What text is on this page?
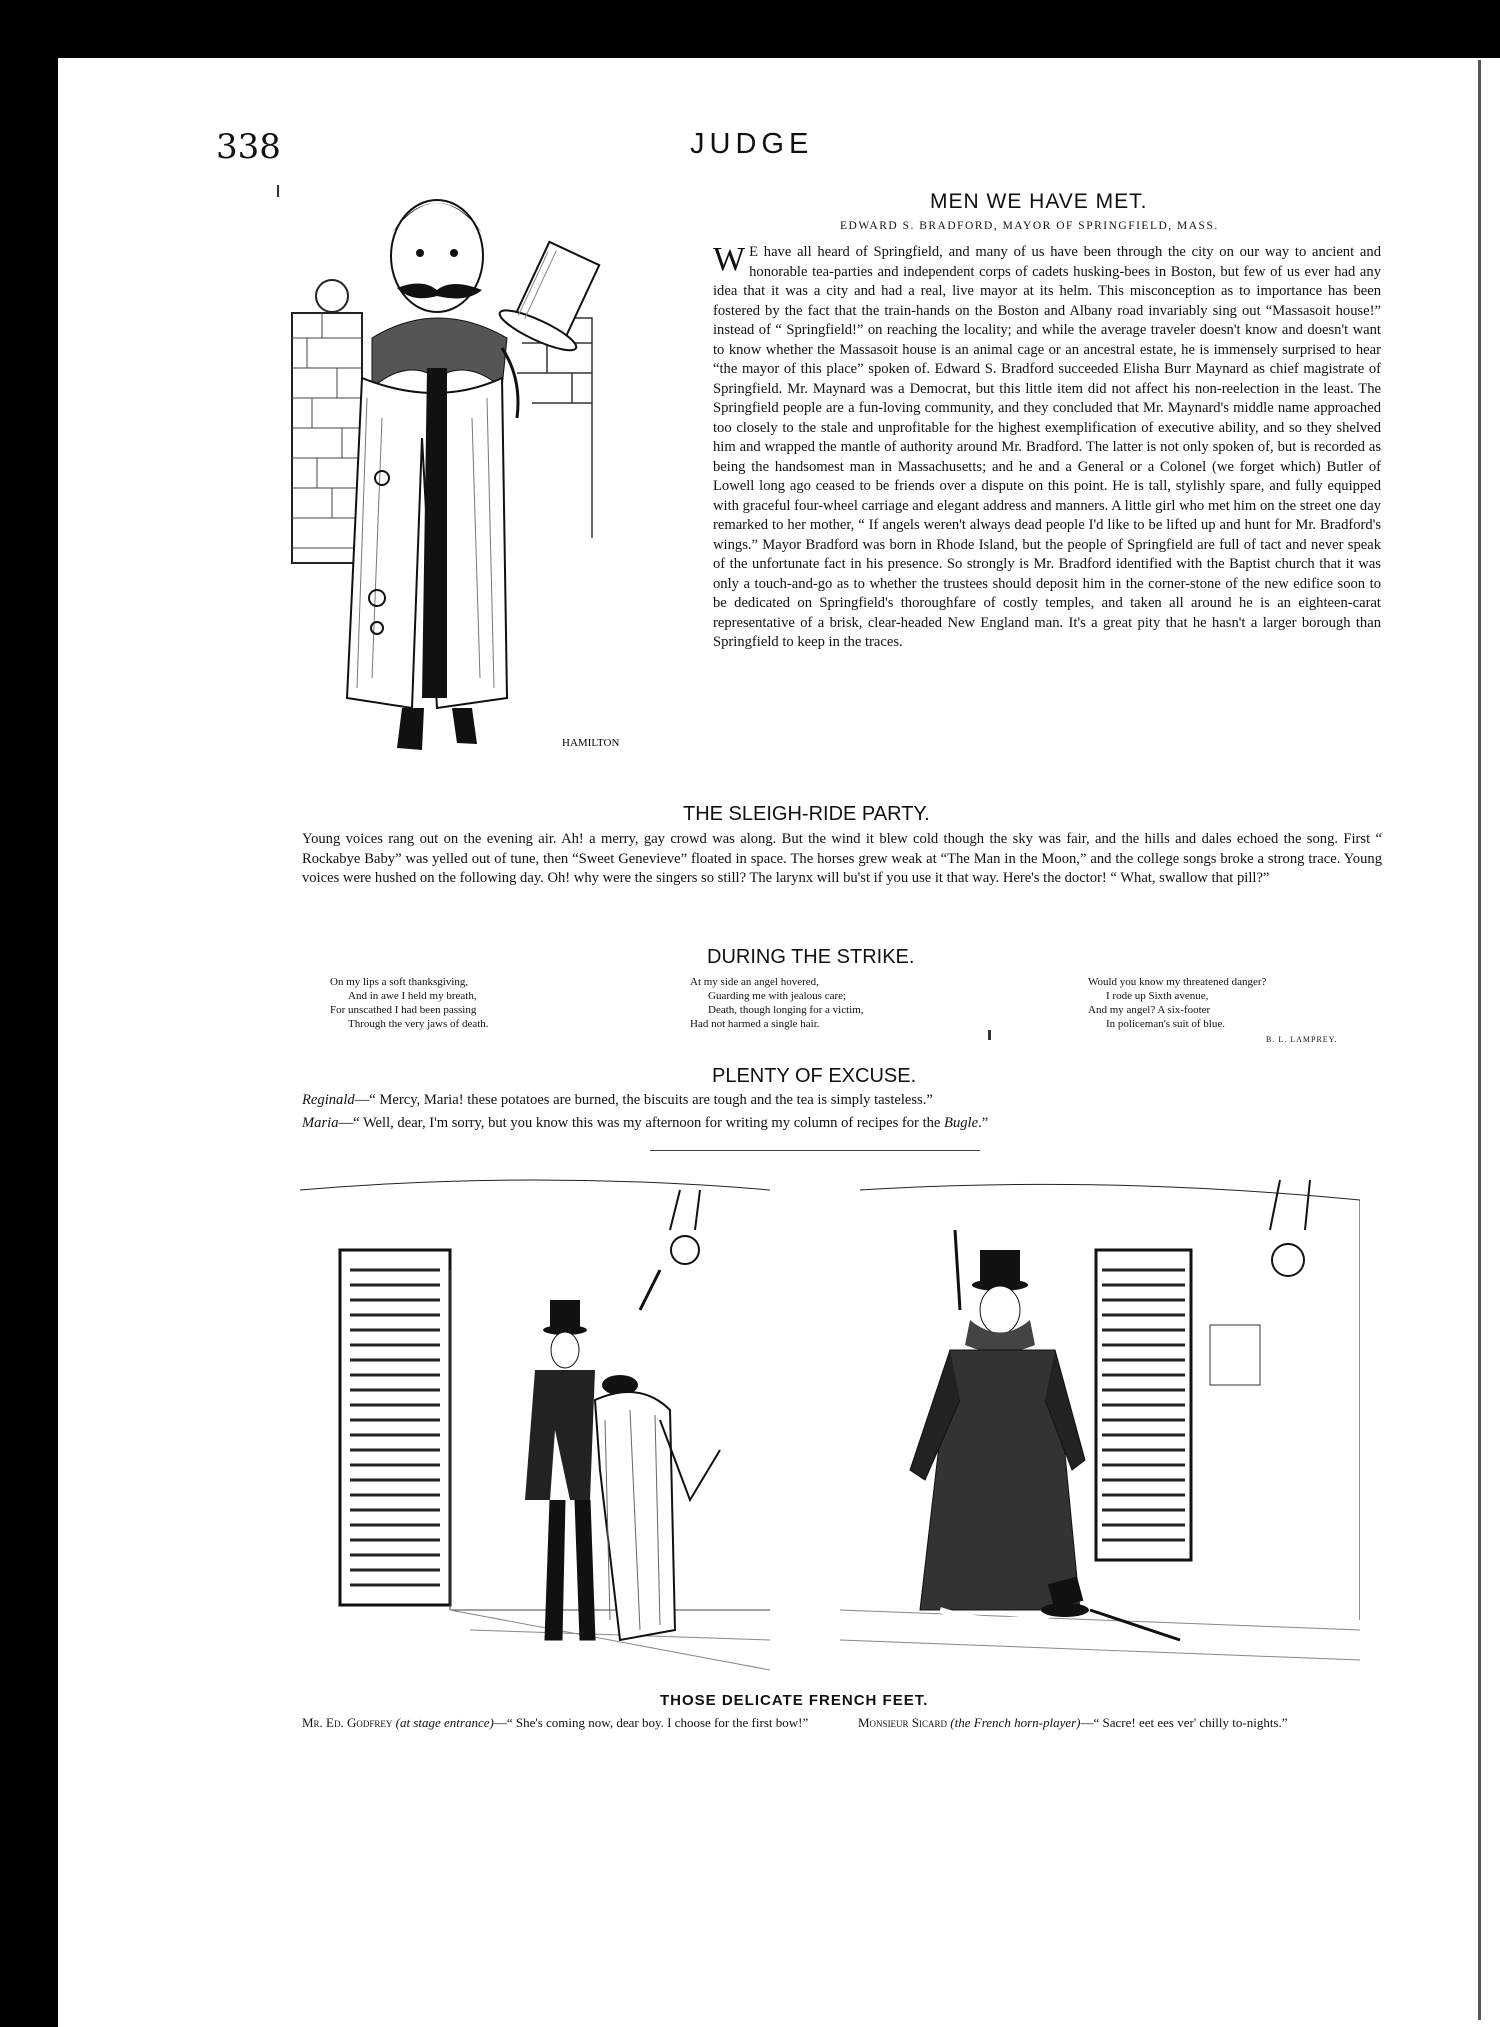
338	JUDGE
HAMILTON
MEN WE HAVE MET.
EDWARD S. BRADFORD, MAYOR OF SPRINGFIELD, MASS.
W E have all heard of Springfield, and many of us have been through the city on our way to ancient and honorable tea-parties and independent corps of cadets husking-bees in Boston, but few of us ever had any idea that it was a city and had a real, live mayor at its helm. This misconception as to importance has been fostered by the fact that the train-hands on the Boston and Albany road invariably sing out “Massasoit house!” instead of “ Springfield!” on reaching the locality; and while the average traveler doesn't know and doesn't want to know whether the Massasoit house is an animal cage or an ancestral estate, he is immensely surprised to hear “the mayor of this place” spoken of. Edward S. Bradford succeeded Elisha Burr Maynard as chief magistrate of Springfield. Mr. Maynard was a Democrat, but this little item did not affect his non-reelection in the least. The Springfield people are a fun-loving community, and they concluded that Mr. Maynard's middle name approached too closely to the stale and unprofitable for the highest exemplification of executive ability, and so they shelved him and wrapped the mantle of authority around Mr. Bradford. The latter is not only spoken of, but is recorded as being the handsomest man in Massachusetts; and he and a General or a Colonel (we forget which) Butler of Lowell long ago ceased to be friends over a dispute on this point. He is tall, stylishly spare, and fully equipped with graceful four-wheel carriage and elegant address and manners. A little girl who met him on the street one day remarked to her mother, “ If angels weren't always dead people I'd like to be lifted up and hunt for Mr. Bradford's wings.” Mayor Bradford was born in Rhode Island, but the people of Springfield are full of tact and never speak of the unfortunate fact in his presence. So strongly is Mr. Bradford identified with the Baptist church that it was only a touch-and-go as to whether the trustees should deposit him in the corner-stone of the new edifice soon to be dedicated on Springfield's thoroughfare of costly temples, and taken all around he is an eighteen-carat representative of a brisk, clear-headed New England man. It's a great pity that he hasn't a larger borough than Springfield to keep in the traces.
THE SLEIGH-RIDE PARTY.
Young voices rang out on the evening air. Ah! a merry, gay crowd was along. But the wind it blew cold though the sky was fair, and the hills and dales echoed the song. First “ Rockabye Baby” was yelled out of tune, then “Sweet Genevieve” floated in space. The horses grew weak at “The Man in the Moon,” and the college songs broke a strong trace. Young voices were hushed on the following day. Oh! why were the singers so still? The larynx will bu'st if you use it that way. Here's the doctor! “ What, swallow that pill?”
DURING THE STRIKE.
On my lips a soft thanksgiving,
And in awe I held my breath,
For unscathed I had been passing
Through the very jaws of death.
At my side an angel hovered,
Guarding me with jealous care;
Death, though longing for a victim,
Had not harmed a single hair.
Would you know my threatened danger?
I rode up Sixth avenue,
And my angel? A six-footer
In policeman's suit of blue.
B. L. LAMPREY.
PLENTY OF EXCUSE.
Reginald—“ Mercy, Maria! these potatoes are burned, the biscuits are tough and the tea is simply tasteless.”
Maria—“ Well, dear, I'm sorry, but you know this was my afternoon for writing my column of recipes for the Bugle.”
THOSE DELICATE FRENCH FEET.
Mr. Ed. Godfrey (at stage entrance)—“ She's coming now, dear boy. I choose for the first bow!”	Monsieur Sicard (the French horn-player)—“ Sacre! eet ees ver' chilly to-nights.”
comicbooks.com
